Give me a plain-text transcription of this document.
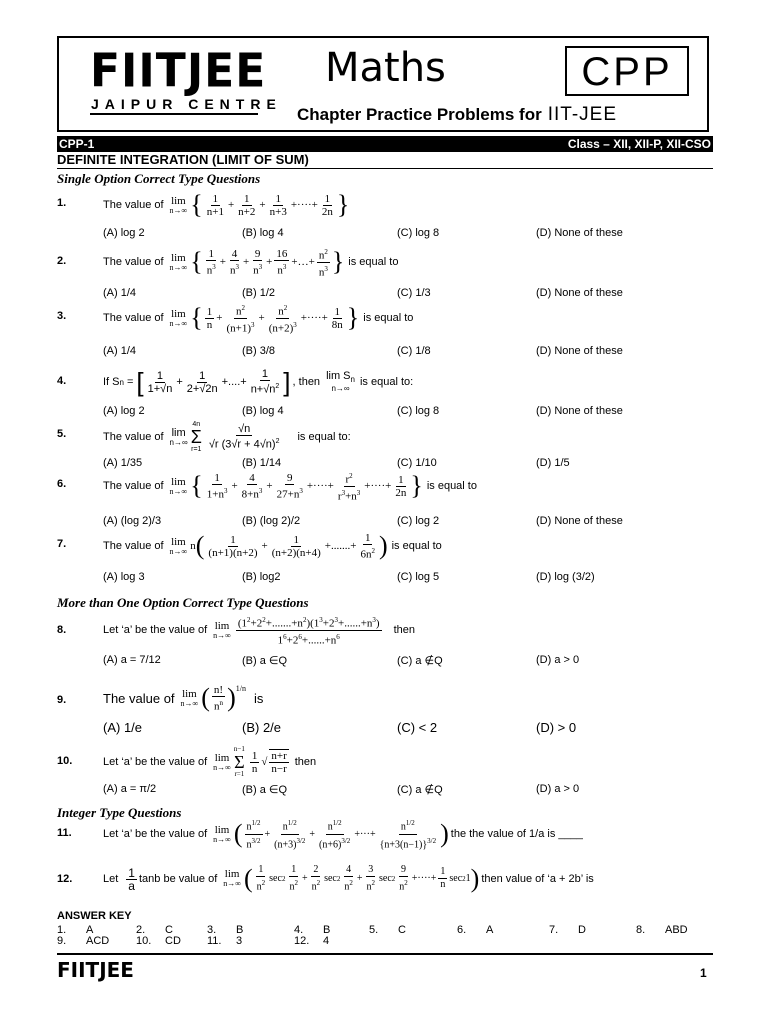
FIITJEE
JAIPUR CENTRE
Maths	CPP
Chapter Practice Problems for IIT-JEE
CPP-1	Class – XII, XII-P, XII-CSO
DEFINITE INTEGRATION (LIMIT OF SUM)
Single Option Correct Type Questions
1.	The value of lim
n→∞ { $\frac{1}{n+1} + \frac{1}{n+2} + \frac{1}{n+3}$ +····+ $\frac{1}{2n}$ }
(A) log 2	(B) log 4	(C) log 8	(D) None of these
2.	The value of lim
n→∞ { $\frac{1}{n^3} + \frac{4}{n^3} + \frac{9}{n^3} + \frac{16}{n^3}$ +…+ $\frac{n^2}{n^3}$ } is equal to
(A) 1/4	(B) 1/2	(C) 1/3	(D) None of these
3.	The value of lim
n→∞ { $\frac{1}{n} + \frac{n^2}{(n+1)^3} + \frac{n^2}{(n+2)^3}$ +····+ $\frac{1}{8n}$ } is equal to
(A) 1/4	(B) 3/8	(C) 1/8	(D) None of these
4.	If S n = [ $\frac{1}{1+√n} + \frac{1}{2+√2n}$ +....+ $\frac{1}{n+√n^2}$ ] , then
$\lim S_n$
n→∞
is equal to:
(A) log 2	(B) log 4	(C) log 8	(D) None of these
5.	The value of lim
n→∞
4n
Σ
$r=1 \frac{√n}{√r (3√r + 4√n)^2}$ is equal to:
(A) 1/35	(B) 1/14	(C) 1/10	(D) 1/5
6.	The value of lim
n→∞ { $\frac{1}{1+n^3} + \frac{4}{8+n^3} + \frac{9}{27+n^3}$ +····+ $\frac{r^2}{r^3+n^3}$ +····+ $\frac{1}{2n}$ } is equal to
(A) (log 2)/3	(B) (log 2)/2	(C) log 2	(D) None of these
7.	The value of lim
n→∞ n ( $\frac{1}{(n+1)(n+2)} + \frac{1}{(n+2)(n+4)}$ +.......+ $\frac{1}{6n^2}$ ) is equal to
(A) log 3	(B) log2	(C) log 5	(D) log (3/2)
More than One Option Correct Type Questions
8.	Let ‘a’ be the value of lim
$n\to\infty \frac{(1^2+2^2+.......+n^2)(1^3+2^3+......+n^3)}{1^6+2^6+......+n^6}$ then
(A) a = 7/12	(B) a ∈Q	(C) a ∉Q	(D) a > 0
9.	The value of lim
n→∞ ( $\frac{n!}{n^n}$ ) 1/n
is
(A) 1/e	(B) 2/e	(C) < 2	(D) > 0
10.	Let ‘a’ be the value of lim
n→∞
n−1
Σ
$r=1 \frac{1}{n}$ √ $\frac{n+r}{n-r}$ then
(A) a = π/2	(B) a ∈Q	(C) a ∉Q	(D) a > 0
Integer Type Questions
11.	Let ‘a’ be the value of lim
n→∞ ( $\frac{n^{1/2}}{n^{3/2}} + \frac{n^{1/2}}{(n+3)^{3/2}} + \frac{n^{1/2}}{(n+6)^{3/2}}$ +···+ $\frac{n^{1/2}}{\{n+3(n-1)\}^{3/2}}$ ) the the value of 1/a is ____
12.	Let $\frac{1}{a}$ tanb be value of lim
n→∞ ( $\frac{1}{n^2}$ $\sec 2 \frac{1}{n^2} + \frac{2}{n^2}$ $\sec 2 \frac{4}{n^2} + \frac{3}{n^2}$ $\sec 2 \frac{9}{n^2}$ +····+ $\frac{1}{n}$ sec 2 1 ) then value of ‘a + 2b’ is
ANSWER KEY
1. A	2. C	3. B	4. B	5. C	6. A	7. D	8. ABD
9. ACD 10. CD 11. 3	12. 4
FIITJEE	1
